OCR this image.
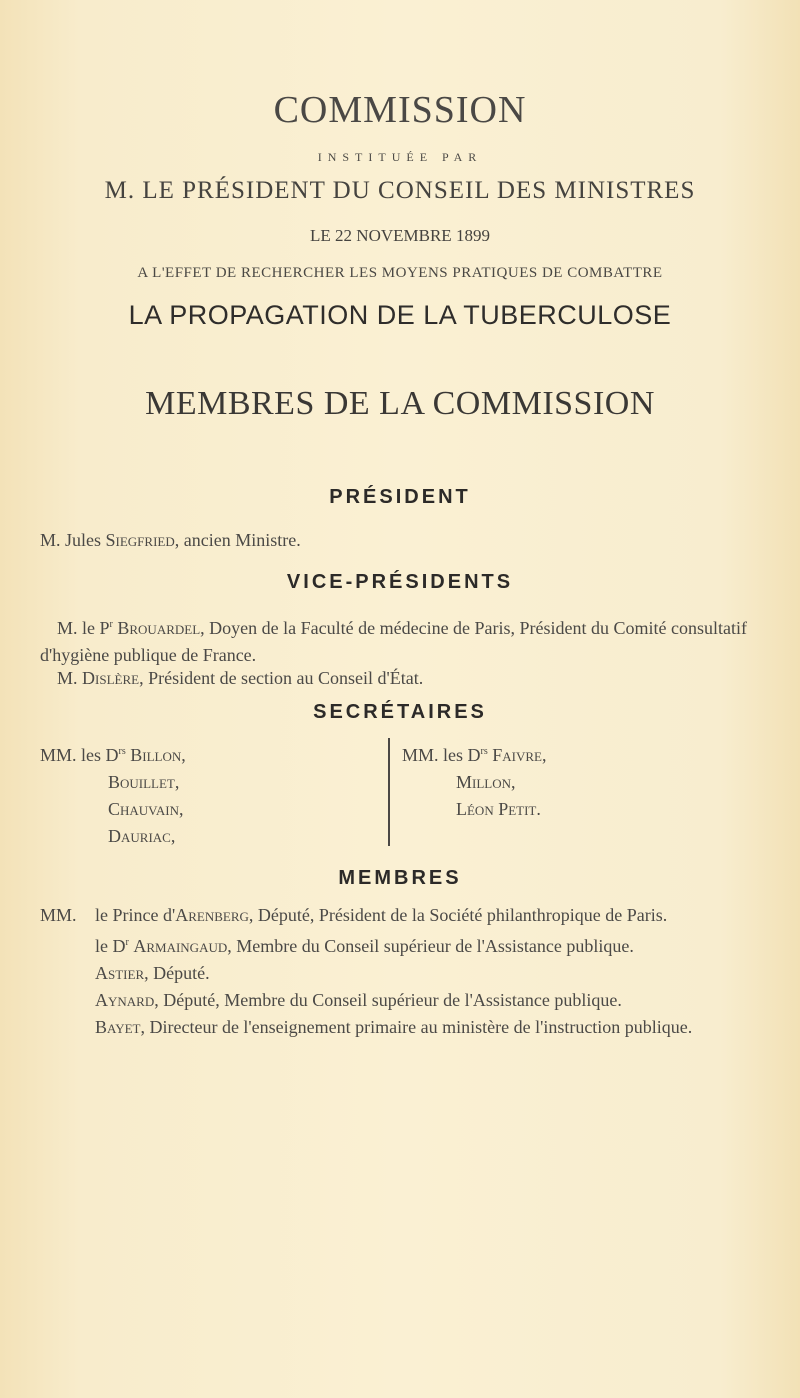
COMMISSION
INSTITUÉE PAR
M. LE PRÉSIDENT DU CONSEIL DES MINISTRES
LE 22 NOVEMBRE 1899
A L'EFFET DE RECHERCHER LES MOYENS PRATIQUES DE COMBATTRE
LA PROPAGATION DE LA TUBERCULOSE
MEMBRES DE LA COMMISSION
PRÉSIDENT
M. Jules Siegfried, ancien Ministre.
VICE-PRÉSIDENTS
M. le $P^r$ Brouardel, Doyen de la Faculté de médecine de Paris, Président du Comité consultatif d'hygiène publique de France.
M. Dislère, Président de section au Conseil d'État.
SECRÉTAIRES
MM. les $D^{rs}$ Billon,
Bouillet,
Chauvain,
Dauriac,
MM. les $D^{rs}$ Faivre,
Millon,
Léon Petit.
MEMBRES
MM.	le Prince d'Arenberg, Député, Président de la Société philanthropique de Paris.
le $D^r$ Armaingaud, Membre du Conseil supérieur de l'Assistance publique.
Astier, Député.
Aynard, Député, Membre du Conseil supérieur de l'Assistance publique.
Bayet, Directeur de l'enseignement primaire au ministère de l'instruction publique.
